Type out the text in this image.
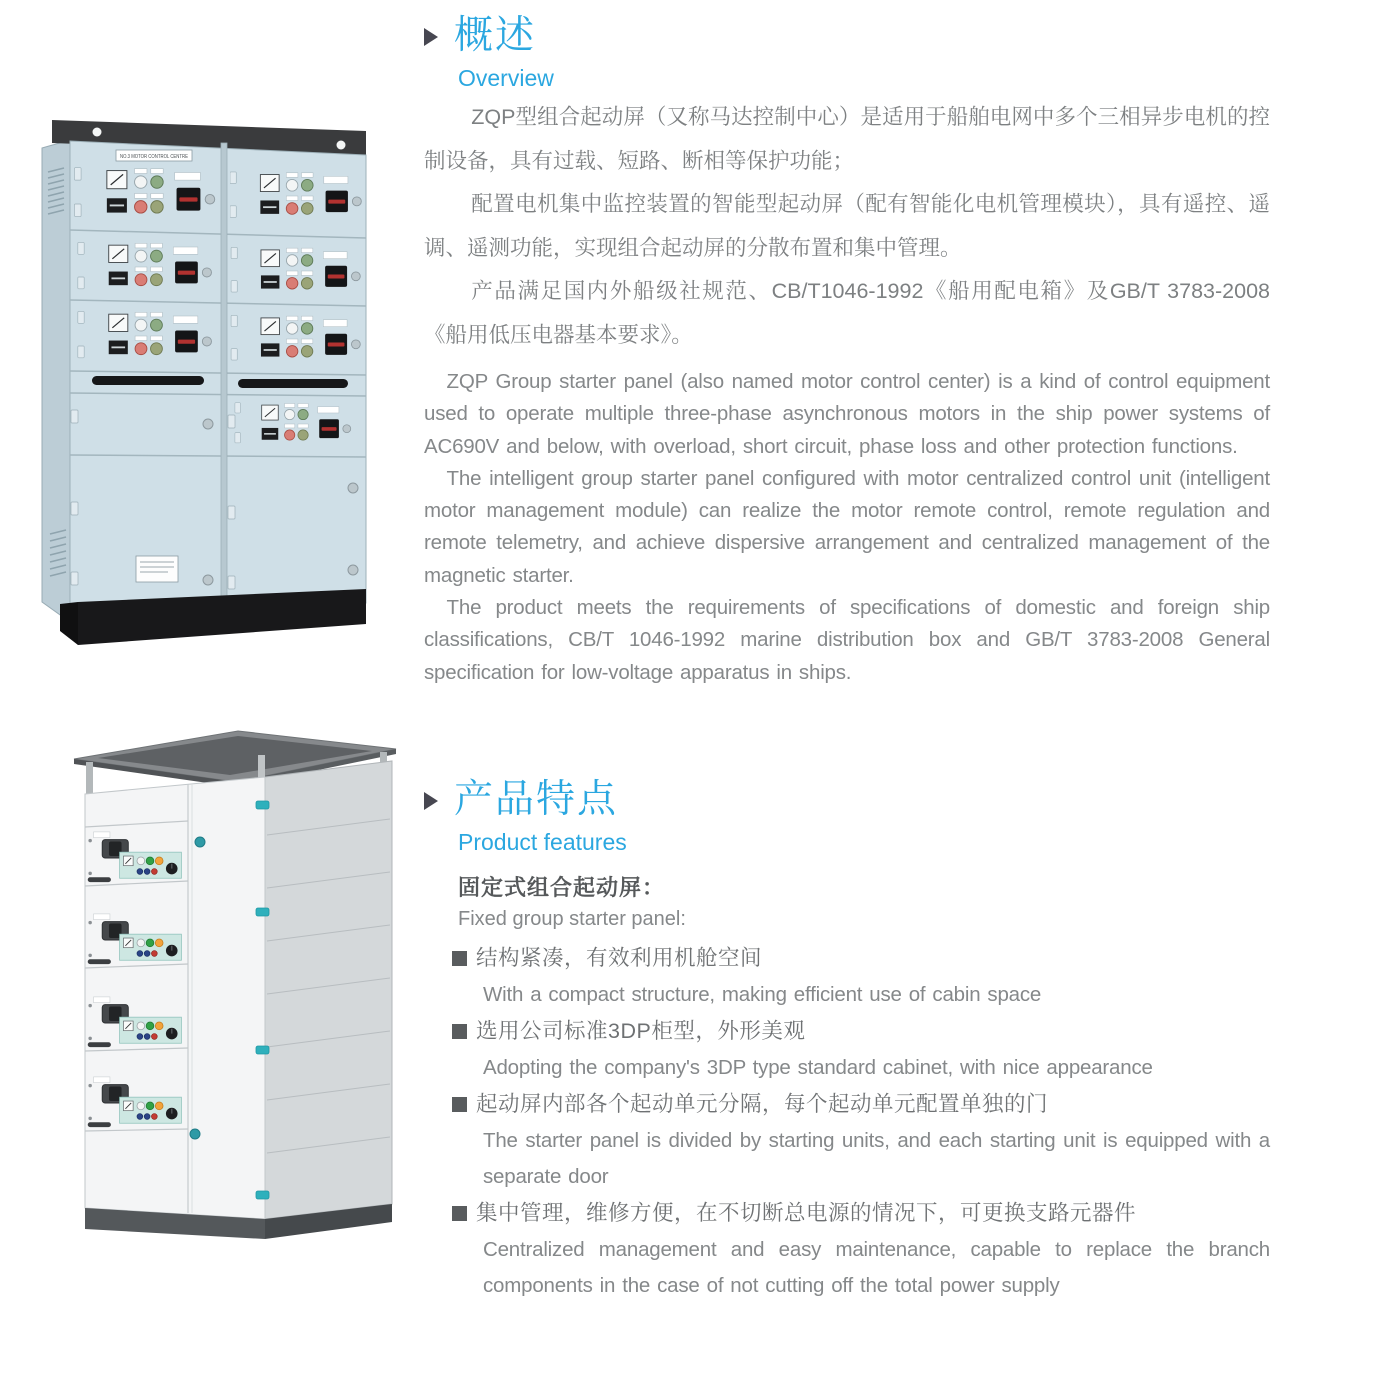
NO.3 MOTOR CONTROL CENTRE
概述
Overview

ZQP型组合起动屏（又称马达控制中心）是适用于船舶电网中多个三相异步电机的控制设备，具有过载、短路、断相等保护功能；

配置电机集中监控装置的智能型起动屏（配有智能化电机管理模块），具有遥控、遥调、遥测功能，实现组合起动屏的分散布置和集中管理。

产品满足国内外船级社规范、CB/T1046-1992《船用配电箱》及GB/T 3783-2008《船用低压电器基本要求》。

ZQP Group starter panel (also named motor control center) is a kind of control equipment used to operate multiple three-phase asynchronous motors in the ship power systems of AC690V and below, with overload, short circuit, phase loss and other protection functions.

The intelligent group starter panel configured with motor centralized control unit (intelligent motor management module) can realize the motor remote control, remote regulation and remote telemetry, and achieve dispersive arrangement and centralized management of the magnetic starter.

The product meets the requirements of specifications of domestic and foreign ship classifications, CB/T 1046-1992 marine distribution box and GB/T 3783-2008 General specification for low-voltage apparatus in ships.

产品特点
Product features
固定式组合起动屏：
Fixed group starter panel:
结构紧凑，有效利用机舱空间
With a compact structure, making efficient use of cabin space
选用公司标准3DP柜型，外形美观
Adopting the company's 3DP type standard cabinet, with nice appearance
起动屏内部各个起动单元分隔，每个起动单元配置单独的门
The starter panel is divided by starting units, and each starting unit is equipped with a separate door
集中管理，维修方便，在不切断总电源的情况下，可更换支路元器件
Centralized management and easy maintenance, capable to replace the branch components in the case of not cutting off the total power supply
